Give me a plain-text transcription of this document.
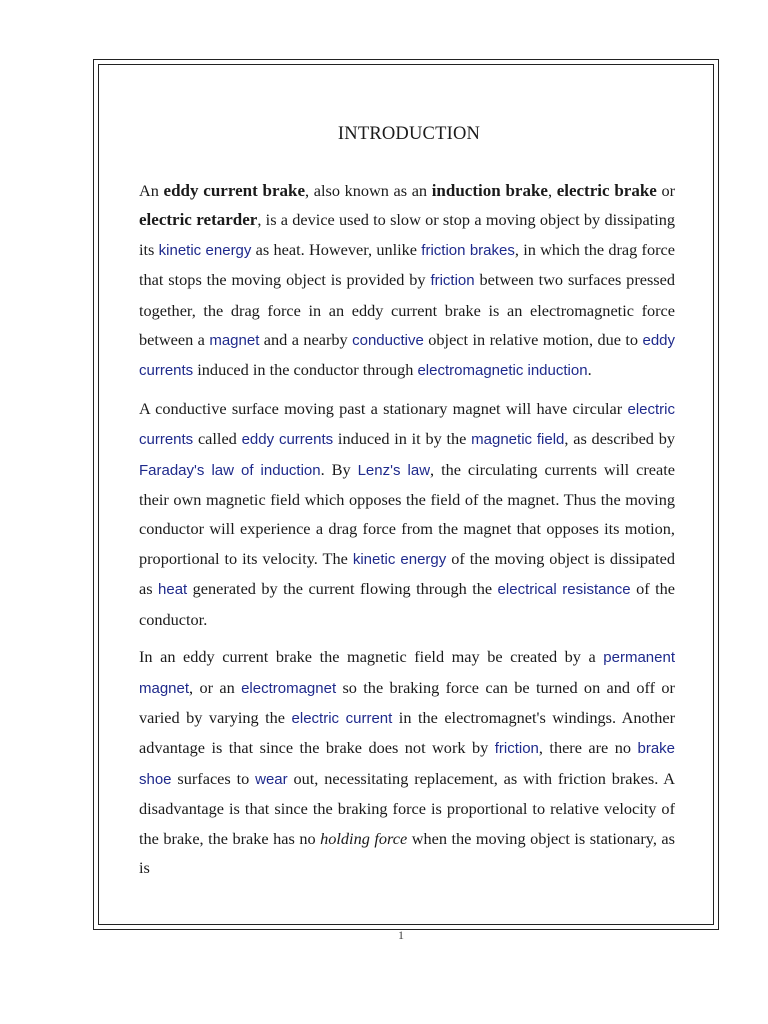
INTRODUCTION

An eddy current brake, also known as an induction brake, electric brake or electric retarder, is a device used to slow or stop a moving object by dissipating its kinetic energy as heat. However, unlike friction brakes, in which the drag force that stops the moving object is provided by friction between two surfaces pressed together, the drag force in an eddy current brake is an electromagnetic force between a magnet and a nearby conductive object in relative motion, due to eddy currents induced in the conductor through electromagnetic induction.

A conductive surface moving past a stationary magnet will have circular electric currents called eddy currents induced in it by the magnetic field, as described by Faraday's law of induction. By Lenz's law, the circulating currents will create their own magnetic field which opposes the field of the magnet. Thus the moving conductor will experience a drag force from the magnet that opposes its motion, proportional to its velocity. The kinetic energy of the moving object is dissipated as heat generated by the current flowing through the electrical resistance of the conductor.

In an eddy current brake the magnetic field may be created by a permanent magnet, or an electromagnet so the braking force can be turned on and off or varied by varying the electric current in the electromagnet's windings. Another advantage is that since the brake does not work by friction, there are no brake shoe surfaces to wear out, necessitating replacement, as with friction brakes. A disadvantage is that since the braking force is proportional to relative velocity of the brake, the brake has no holding force when the moving object is stationary, as is

1
